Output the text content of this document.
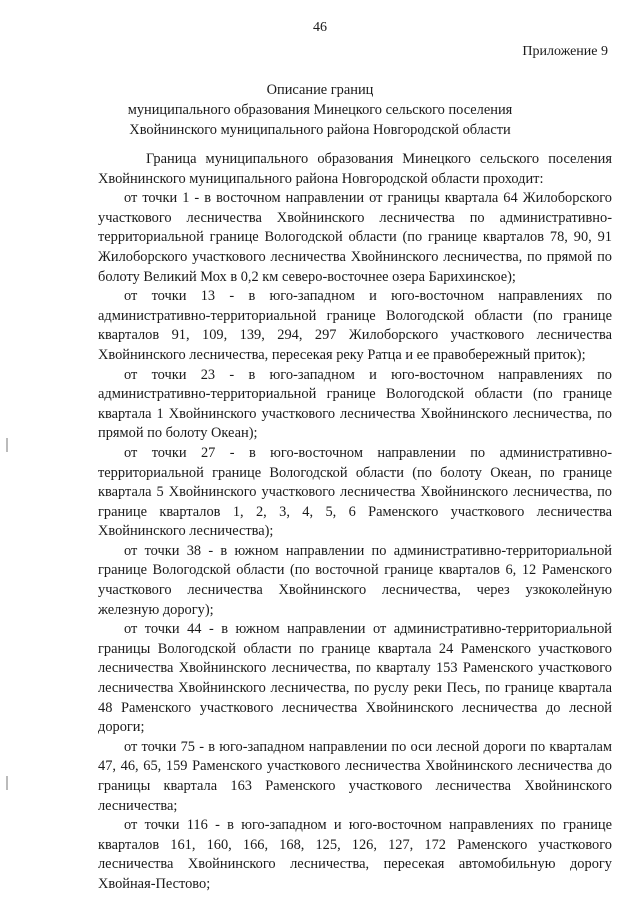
46
Приложение 9
Описание границ
муниципального образования Минецкого сельского поселения
Хвойнинского муниципального района Новгородской области

Граница муниципального образования Минецкого сельского поселения Хвойнинского муниципального района Новгородской области проходит:

от точки 1 - в восточном направлении от границы квартала 64 Жилоборского участкового лесничества Хвойнинского лесничества по административно-территориальной границе Вологодской области (по границе кварталов 78, 90, 91 Жилоборского участкового лесничества Хвойнинского лесничества, по прямой по болоту Великий Мох в 0,2 км северо-восточнее озера Барихинское);

от точки 13 - в юго-западном и юго-восточном направлениях по административно-территориальной границе Вологодской области (по границе кварталов 91, 109, 139, 294, 297 Жилоборского участкового лесничества Хвойнинского лесничества, пересекая реку Ратца и ее правобережный приток);

от точки 23 - в юго-западном и юго-восточном направлениях по административно-территориальной границе Вологодской области (по границе квартала 1 Хвойнинского участкового лесничества Хвойнинского лесничества, по прямой по болоту Океан);

от точки 27 - в юго-восточном направлении по административно-территориальной границе Вологодской области (по болоту Океан, по границе квартала 5 Хвойнинского участкового лесничества Хвойнинского лесничества, по границе кварталов 1, 2, 3, 4, 5, 6 Раменского участкового лесничества Хвойнинского лесничества);

от точки 38 - в южном направлении по административно-территориальной границе Вологодской области (по восточной границе кварталов 6, 12 Раменского участкового лесничества Хвойнинского лесничества, через узкоколейную железную дорогу);

от точки 44 - в южном направлении от административно-территориальной границы Вологодской области по границе квартала 24 Раменского участкового лесничества Хвойнинского лесничества, по кварталу 153 Раменского участкового лесничества Хвойнинского лесничества, по руслу реки Песь, по границе квартала 48 Раменского участкового лесничества Хвойнинского лесничества до лесной дороги;

от точки 75 - в юго-западном направлении по оси лесной дороги по кварталам 47, 46, 65, 159 Раменского участкового лесничества Хвойнинского лесничества до границы квартала 163 Раменского участкового лесничества Хвойнинского лесничества;

от точки 116 - в юго-западном и юго-восточном направлениях по границе кварталов 161, 160, 166, 168, 125, 126, 127, 172 Раменского участкового лесничества Хвойнинского лесничества, пересекая автомобильную дорогу Хвойная-Пестово;
